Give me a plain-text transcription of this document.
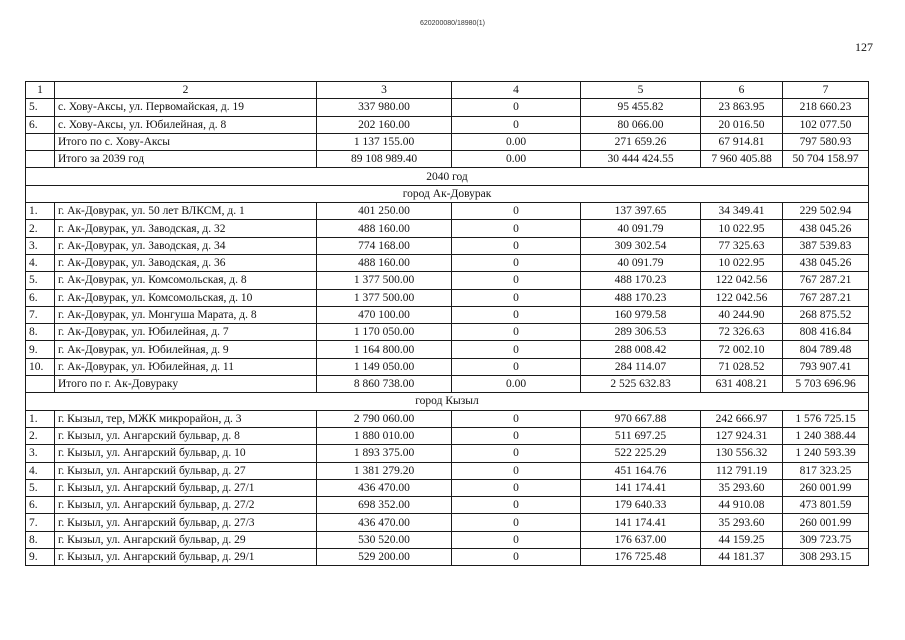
620200080/18980(1)
127
1	2	3	4	5	6	7
5.	с. Хову-Аксы, ул. Первомайская, д. 19	337 980.00	0	95 455.82	23 863.95	218 660.23
6.	с. Хову-Аксы, ул. Юбилейная, д. 8	202 160.00	0	80 066.00	20 016.50	102 077.50
	Итого по с. Хову-Аксы	1 137 155.00	0.00	271 659.26	67 914.81	797 580.93
	Итого за 2039 год	89 108 989.40	0.00	30 444 424.55	7 960 405.88	50 704 158.97
2040 год						
город Ак-Довурак						
1.	г. Ак-Довурак, ул. 50 лет ВЛКСМ, д. 1	401 250.00	0	137 397.65	34 349.41	229 502.94
2.	г. Ак-Довурак, ул. Заводская, д. 32	488 160.00	0	40 091.79	10 022.95	438 045.26
3.	г. Ак-Довурак, ул. Заводская, д. 34	774 168.00	0	309 302.54	77 325.63	387 539.83
4.	г. Ак-Довурак, ул. Заводская, д. 36	488 160.00	0	40 091.79	10 022.95	438 045.26
5.	г. Ак-Довурак, ул. Комсомольская, д. 8	1 377 500.00	0	488 170.23	122 042.56	767 287.21
6.	г. Ак-Довурак, ул. Комсомольская, д. 10	1 377 500.00	0	488 170.23	122 042.56	767 287.21
7.	г. Ак-Довурак, ул. Монгуша Марата, д. 8	470 100.00	0	160 979.58	40 244.90	268 875.52
8.	г. Ак-Довурак, ул. Юбилейная, д. 7	1 170 050.00	0	289 306.53	72 326.63	808 416.84
9.	г. Ак-Довурак, ул. Юбилейная, д. 9	1 164 800.00	0	288 008.42	72 002.10	804 789.48
10.	г. Ак-Довурак, ул. Юбилейная, д. 11	1 149 050.00	0	284 114.07	71 028.52	793 907.41
	Итого по г. Ак-Довураку	8 860 738.00	0.00	2 525 632.83	631 408.21	5 703 696.96
город Кызыл						
1.	г. Кызыл, тер, МЖК микрорайон, д. 3	2 790 060.00	0	970 667.88	242 666.97	1 576 725.15
2.	г. Кызыл, ул. Ангарский бульвар, д. 8	1 880 010.00	0	511 697.25	127 924.31	1 240 388.44
3.	г. Кызыл, ул. Ангарский бульвар, д. 10	1 893 375.00	0	522 225.29	130 556.32	1 240 593.39
4.	г. Кызыл, ул. Ангарский бульвар, д. 27	1 381 279.20	0	451 164.76	112 791.19	817 323.25
5.	г. Кызыл, ул. Ангарский бульвар, д. 27/1	436 470.00	0	141 174.41	35 293.60	260 001.99
6.	г. Кызыл, ул. Ангарский бульвар, д. 27/2	698 352.00	0	179 640.33	44 910.08	473 801.59
7.	г. Кызыл, ул. Ангарский бульвар, д. 27/3	436 470.00	0	141 174.41	35 293.60	260 001.99
8.	г. Кызыл, ул. Ангарский бульвар, д. 29	530 520.00	0	176 637.00	44 159.25	309 723.75
9.	г. Кызыл, ул. Ангарский бульвар, д. 29/1	529 200.00	0	176 725.48	44 181.37	308 293.15
